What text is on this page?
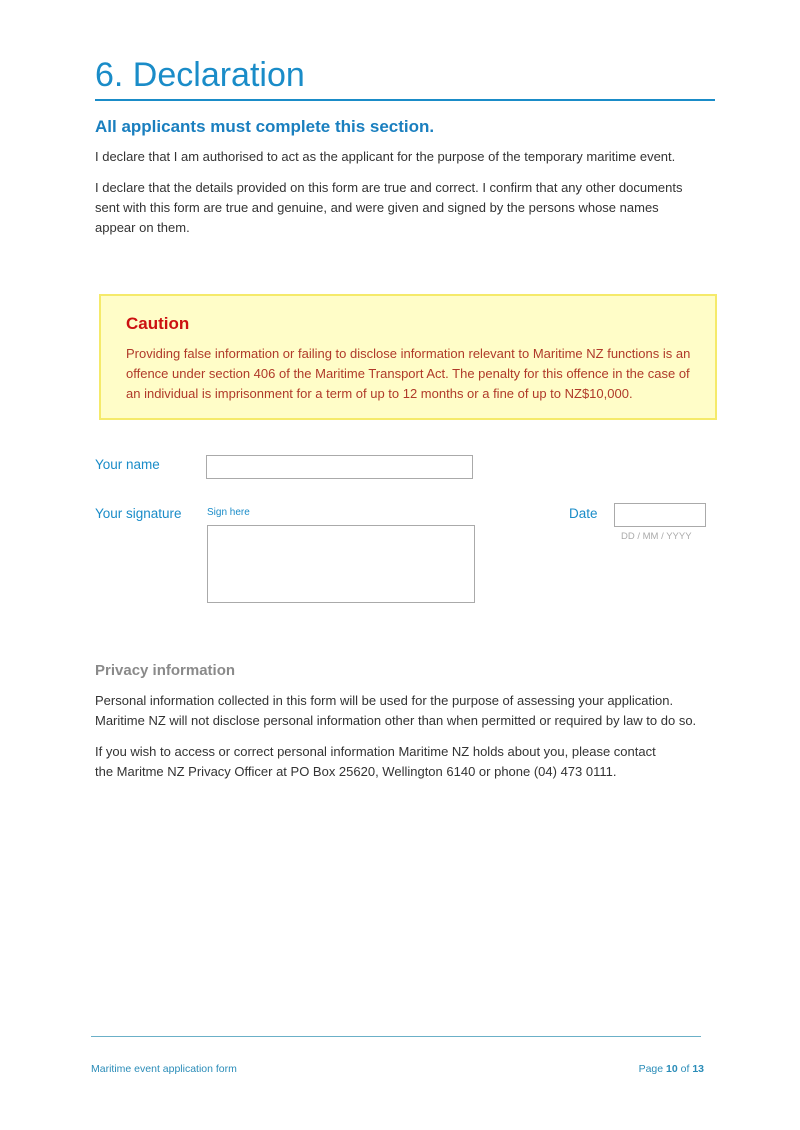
6. Declaration
All applicants must complete this section.
I declare that I am authorised to act as the applicant for the purpose of the temporary maritime event.
I declare that the details provided on this form are true and correct. I confirm that any other documents sent with this form are true and genuine, and were given and signed by the persons whose names appear on them.
Caution
Providing false information or failing to disclose information relevant to Maritime NZ functions is an offence under section 406 of the Maritime Transport Act. The penalty for this offence in the case of an individual is imprisonment for a term of up to 12 months or a fine of up to NZ$10,000.
Your name
Your signature	Sign here	Date
DD / MM / YYYY
Privacy information
Personal information collected in this form will be used for the purpose of assessing your application. Maritime NZ will not disclose personal information other than when permitted or required by law to do so.
If you wish to access or correct personal information Maritime NZ holds about you, please contact the Maritme NZ Privacy Officer at PO Box 25620, Wellington 6140 or phone (04) 473 0111.
Maritime event application form	Page 10 of 13
